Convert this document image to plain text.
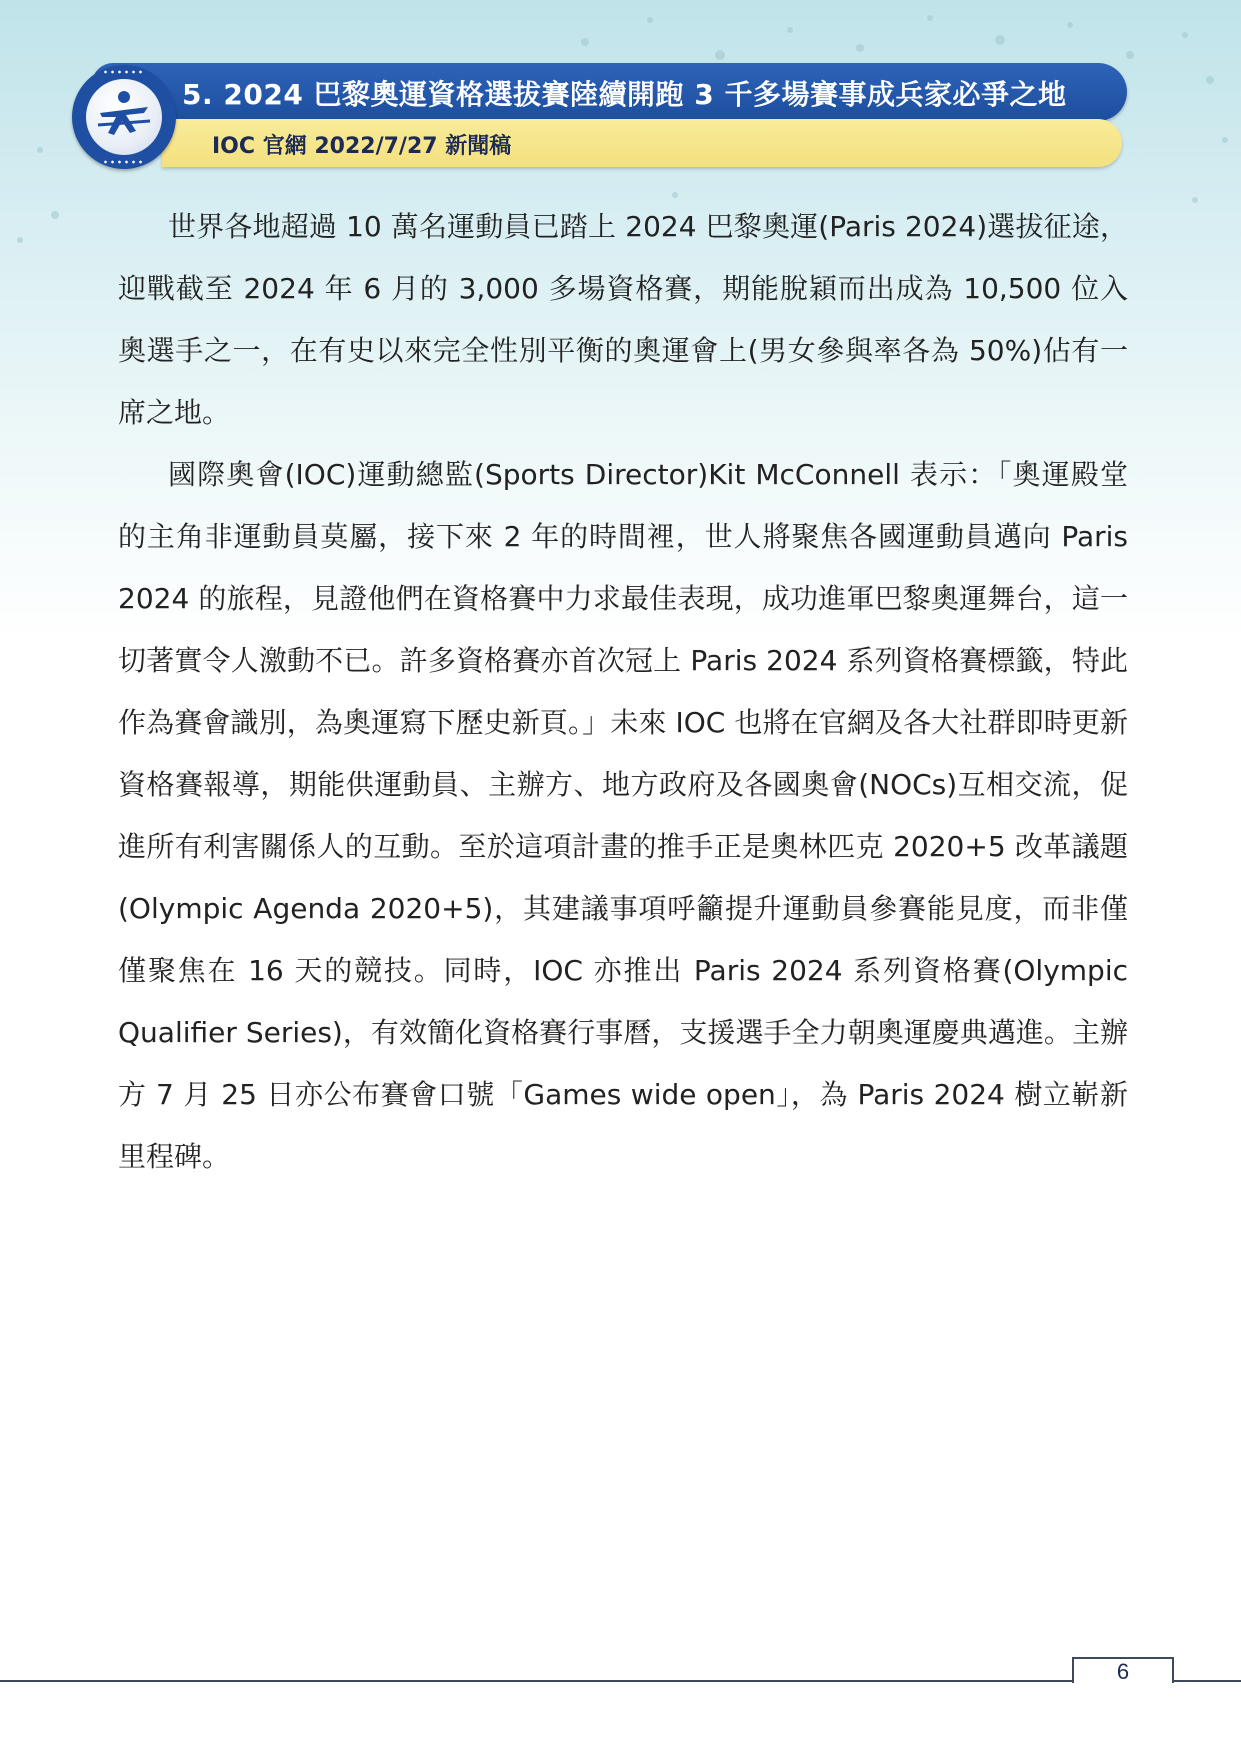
5. 2024 巴黎奧運資格選拔賽陸續開跑 3 千多場賽事成兵家必爭之地
IOC 官網 2022/7/27 新聞稿

世界各地超過 10 萬名運動員已踏上 2024 巴黎奧運(Paris 2024)選拔征途，迎戰截至 2024 年 6 月的 3,000 多場資格賽，期能脫穎而出成為 10,500 位入奧選手之一，在有史以來完全性別平衡的奧運會上(男女參與率各為 50%)佔有一席之地。

國際奧會(IOC)運動總監(Sports Director)Kit McConnell 表示：「奧運殿堂的主角非運動員莫屬，接下來 2 年的時間裡，世人將聚焦各國運動員邁向 Paris 2024 的旅程，見證他們在資格賽中力求最佳表現，成功進軍巴黎奧運舞台，這一切著實令人激動不已。許多資格賽亦首次冠上 Paris 2024 系列資格賽標籤，特此作為賽會識別，為奧運寫下歷史新頁。」未來 IOC 也將在官網及各大社群即時更新資格賽報導，期能供運動員、主辦方、地方政府及各國奧會(NOCs)互相交流，促進所有利害關係人的互動。至於這項計畫的推手正是奧林匹克 2020+5 改革議題(Olympic Agenda 2020+5)，其建議事項呼籲提升運動員參賽能見度，而非僅僅聚焦在 16 天的競技。同時，IOC 亦推出 Paris 2024 系列資格賽(Olympic Qualifier Series)，有效簡化資格賽行事曆，支援選手全力朝奧運慶典邁進。主辦方 7 月 25 日亦公布賽會口號「Games wide open」，為 Paris 2024 樹立嶄新里程碑。

6
